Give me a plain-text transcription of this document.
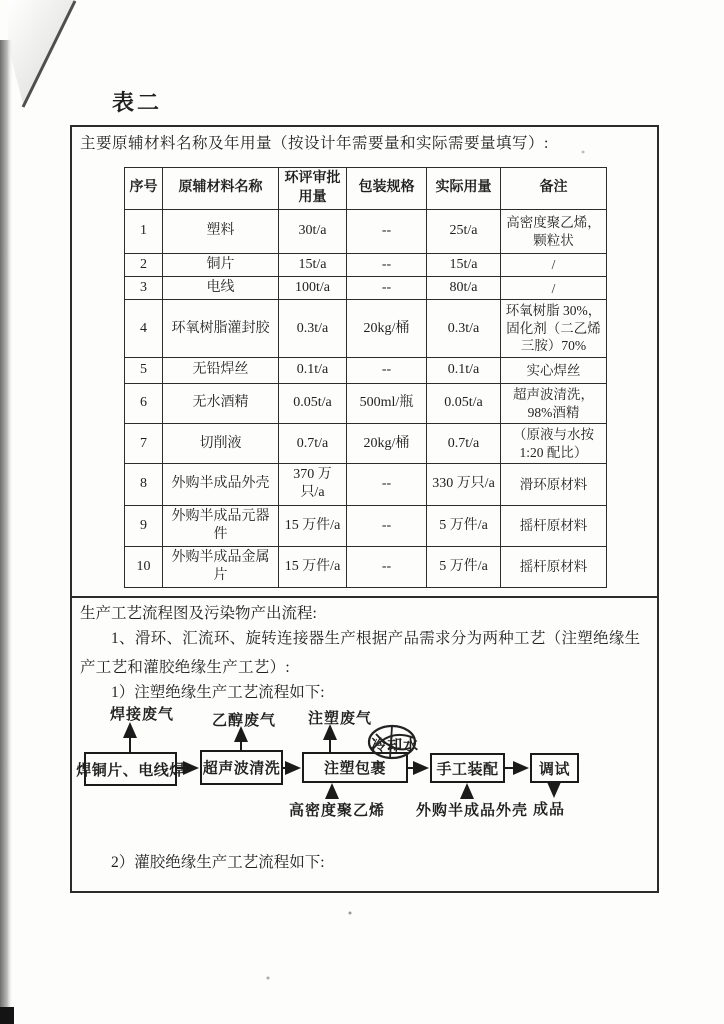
表二
主要原辅材料名称及年用量（按设计年需要量和实际需要量填写）:
序号	原辅材料名称	环评审批用量	包装规格	实际用量	备注
1	塑料	30t/a	--	25t/a	高密度聚乙烯，颗粒状
2	铜片	15t/a	--	15t/a	/
3	电线	100t/a	--	80t/a	/
4	环氧树脂灌封胶	0.3t/a	20kg/桶	0.3t/a	环氧树脂 30%，固化剂（二乙烯三胺）70%
5	无铅焊丝	0.1t/a	--	0.1t/a	实心焊丝
6	无水酒精	0.05t/a	500ml/瓶	0.05t/a	超声波清洗，98%酒精
7	切削液	0.7t/a	20kg/桶	0.7t/a	（原液与水按 1:20 配比）
8	外购半成品外壳	370 万只/a	--	330 万只/a	滑环原材料
9	外购半成品元器件	15 万件/a	--	5 万件/a	摇杆原材料
10	外购半成品金属片	15 万件/a	--	5 万件/a	摇杆原材料
生产工艺流程图及污染物产出流程:
1、滑环、汇流环、旋转连接器生产根据产品需求分为两种工艺（注塑绝缘生产工艺和灌胶绝缘生产工艺）:
1）注塑绝缘生产工艺流程如下:
2）灌胶绝缘生产工艺流程如下:
焊接废气	乙醇废气 注塑废气
焊铜片、电线焊 超声波清洗	注塑包裹	手工装配	调试
高密度聚乙烯 外购半成品外壳 成品
冷却水
